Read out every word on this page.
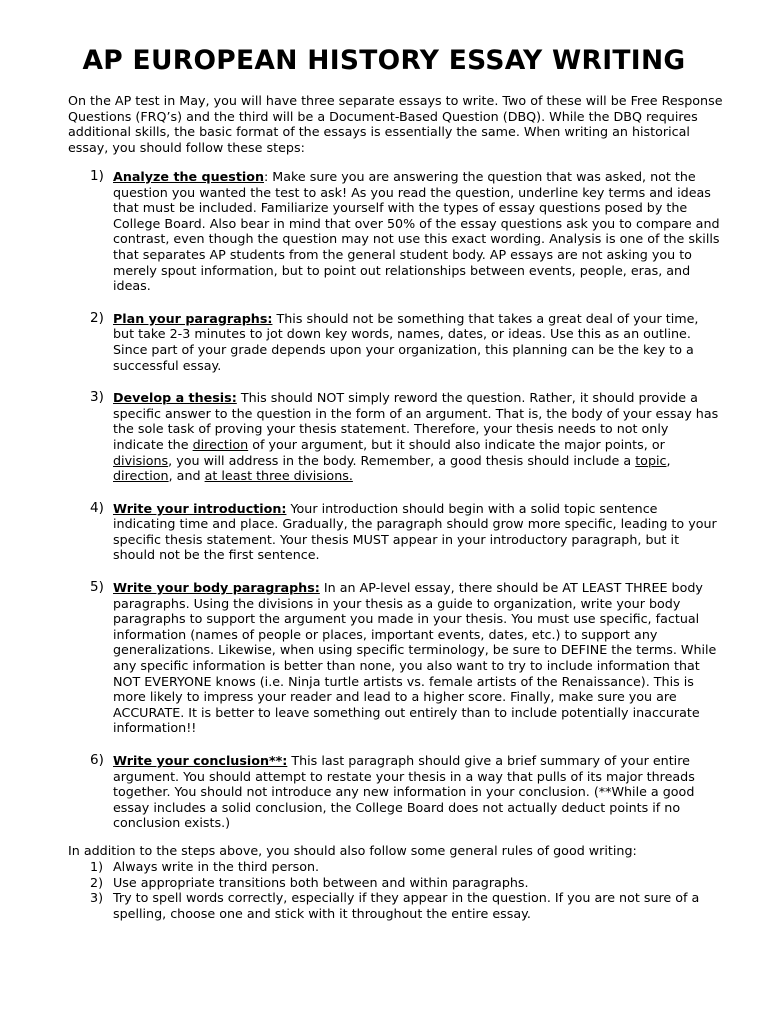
AP EUROPEAN HISTORY ESSAY WRITING

On the AP test in May, you will have three separate essays to write. Two of these will be Free Response Questions (FRQ’s) and the third will be a Document-Based Question (DBQ). While the DBQ requires additional skills, the basic format of the essays is essentially the same. When writing an historical essay, you should follow these steps:

1) Analyze the question: Make sure you are answering the question that was asked, not the question you wanted the test to ask! As you read the question, underline key terms and ideas that must be included. Familiarize yourself with the types of essay questions posed by the College Board. Also bear in mind that over 50% of the essay questions ask you to compare and contrast, even though the question may not use this exact wording. Analysis is one of the skills that separates AP students from the general student body. AP essays are not asking you to merely spout information, but to point out relationships between events, people, eras, and ideas.
2) Plan your paragraphs: This should not be something that takes a great deal of your time, but take 2-3 minutes to jot down key words, names, dates, or ideas. Use this as an outline. Since part of your grade depends upon your organization, this planning can be the key to a successful essay.
3) Develop a thesis: This should NOT simply reword the question. Rather, it should provide a specific answer to the question in the form of an argument. That is, the body of your essay has the sole task of proving your thesis statement. Therefore, your thesis needs to not only indicate the direction of your argument, but it should also indicate the major points, or divisions, you will address in the body. Remember, a good thesis should include a topic, direction, and at least three divisions.
4) Write your introduction: Your introduction should begin with a solid topic sentence indicating time and place. Gradually, the paragraph should grow more specific, leading to your specific thesis statement. Your thesis MUST appear in your introductory paragraph, but it should not be the first sentence.
5) Write your body paragraphs: In an AP-level essay, there should be AT LEAST THREE body paragraphs. Using the divisions in your thesis as a guide to organization, write your body paragraphs to support the argument you made in your thesis. You must use specific, factual information (names of people or places, important events, dates, etc.) to support any generalizations. Likewise, when using specific terminology, be sure to DEFINE the terms. While any specific information is better than none, you also want to try to include information that NOT EVERYONE knows (i.e. Ninja turtle artists vs. female artists of the Renaissance). This is more likely to impress your reader and lead to a higher score. Finally, make sure you are ACCURATE. It is better to leave something out entirely than to include potentially inaccurate information!!
6) Write your conclusion**: This last paragraph should give a brief summary of your entire argument. You should attempt to restate your thesis in a way that pulls of its major threads together. You should not introduce any new information in your conclusion. (**While a good essay includes a solid conclusion, the College Board does not actually deduct points if no conclusion exists.)

In addition to the steps above, you should also follow some general rules of good writing:

1) Always write in the third person.
2) Use appropriate transitions both between and within paragraphs.
3) Try to spell words correctly, especially if they appear in the question. If you are not sure of a spelling, choose one and stick with it throughout the entire essay.
